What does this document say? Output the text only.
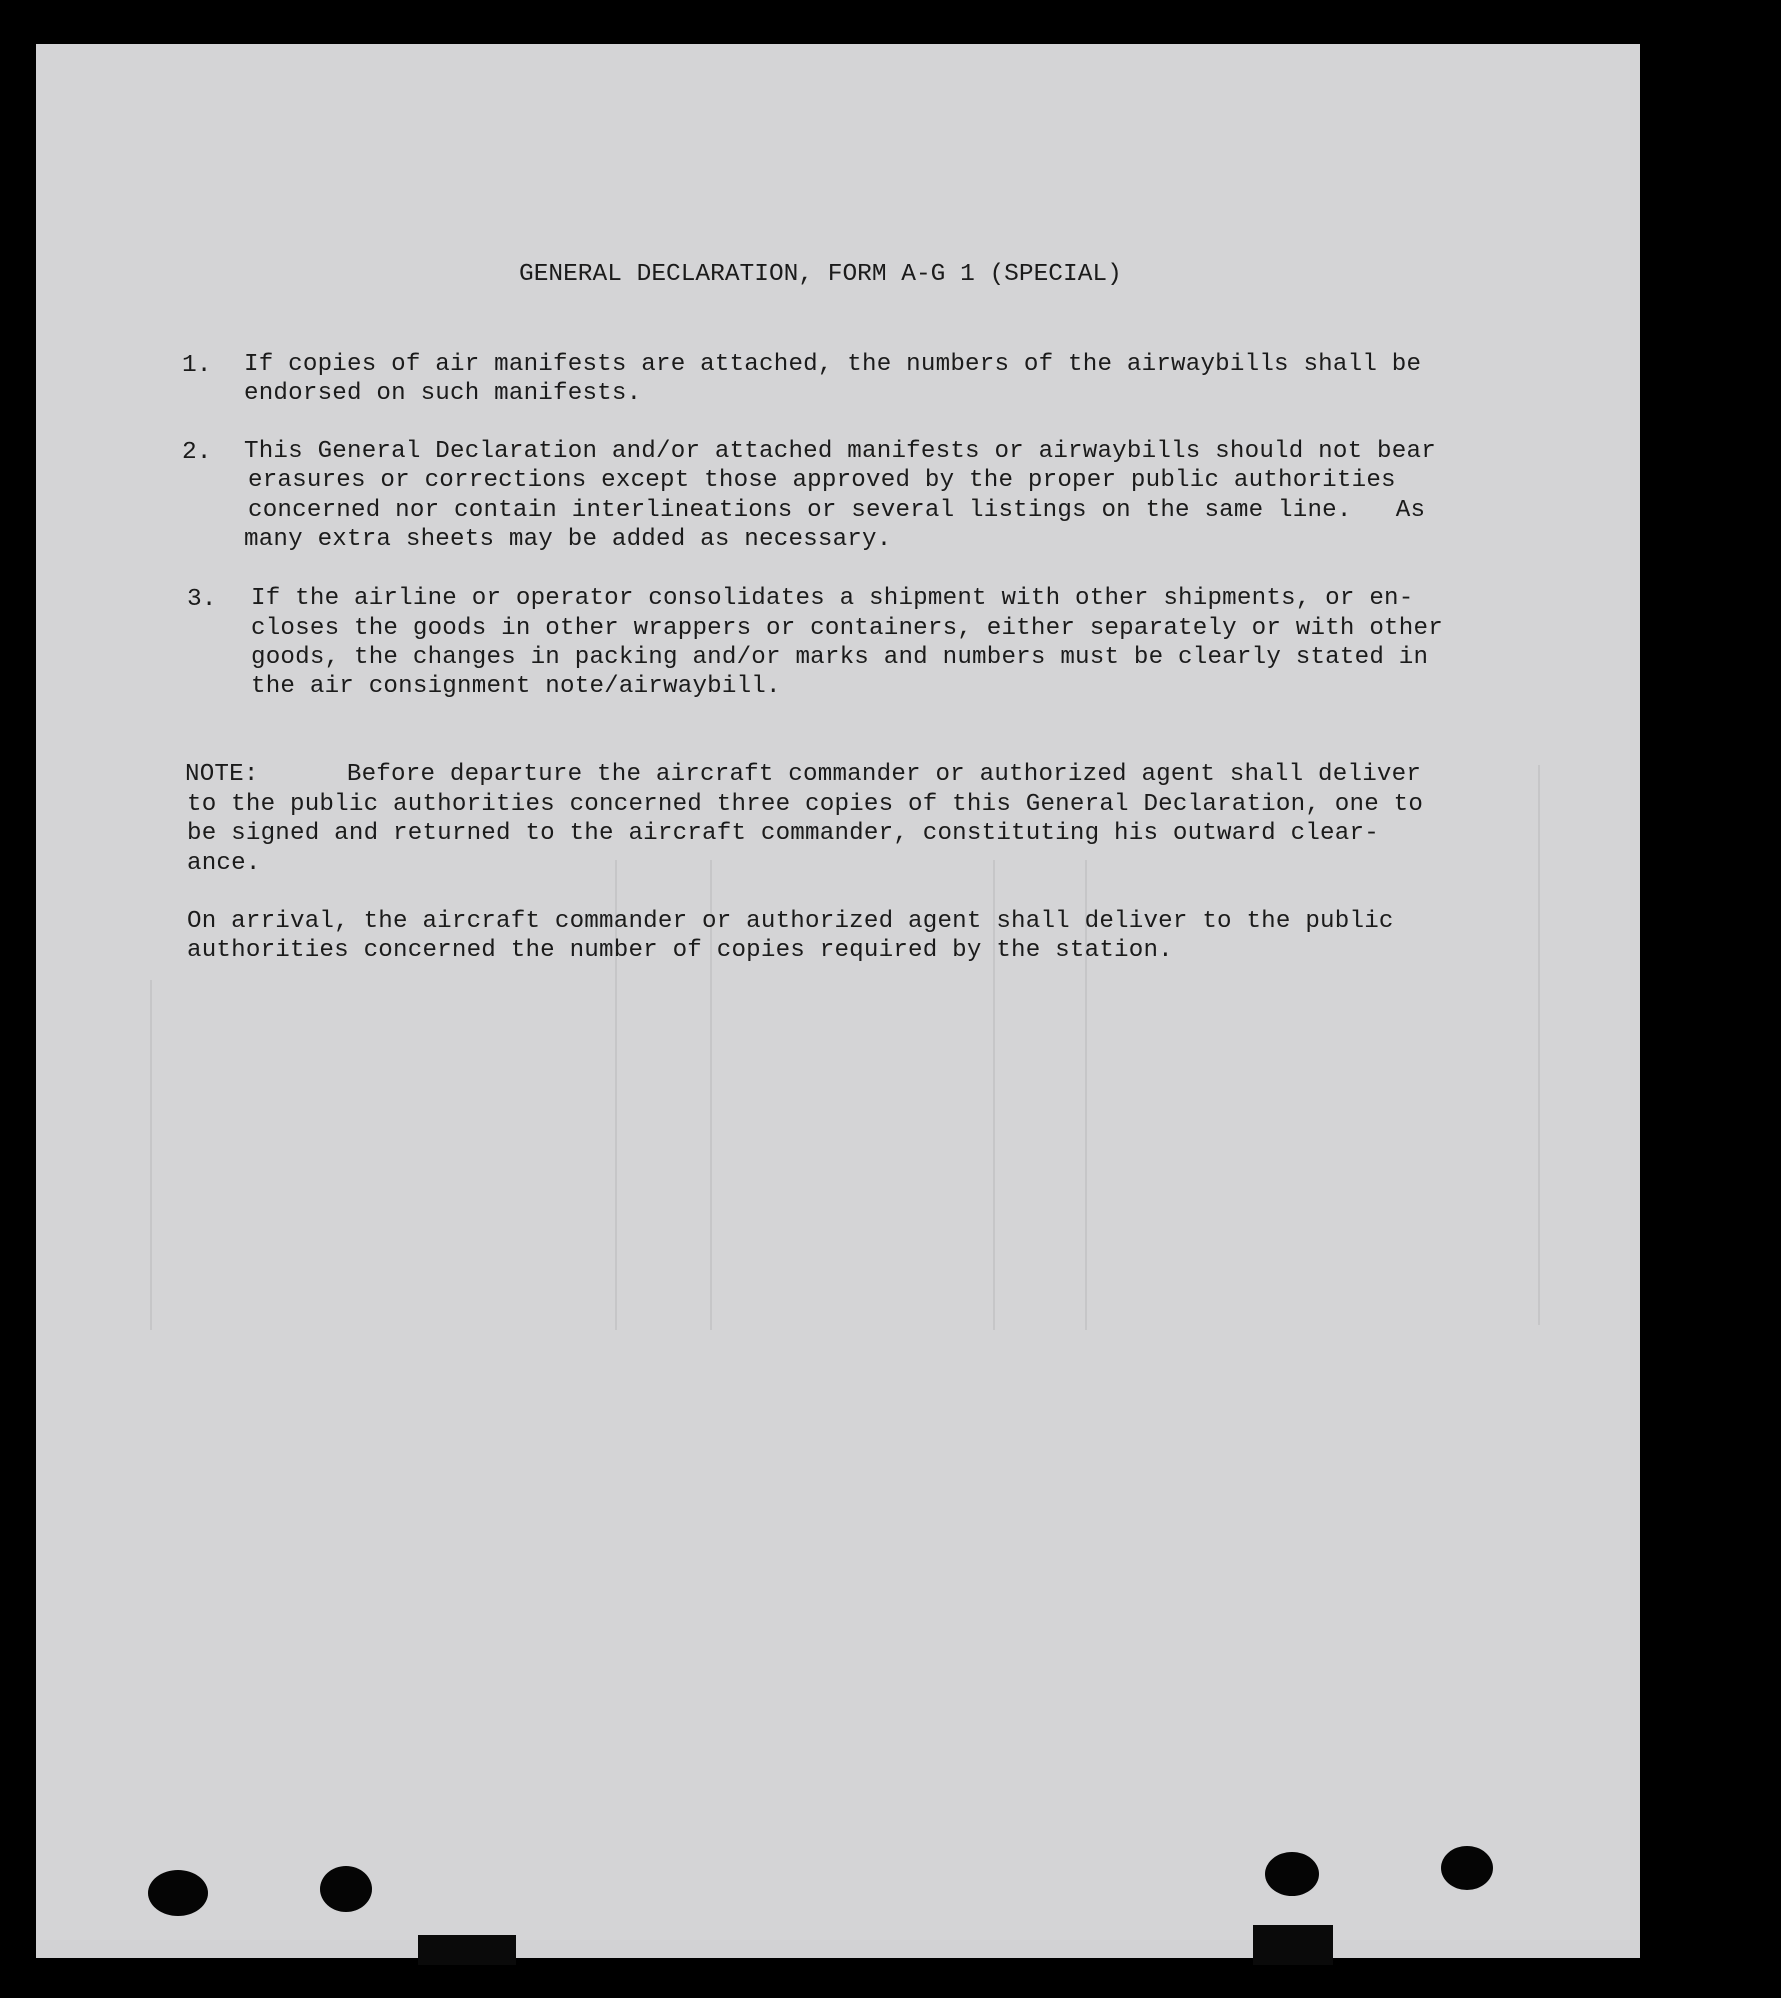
GENERAL DECLARATION, FORM A-G 1 (SPECIAL)
1. If copies of air manifests are attached, the numbers of the airwaybills shall be
endorsed on such manifests.
2. This General Declaration and/or attached manifests or airwaybills should not bear
erasures or corrections except those approved by the proper public authorities
concerned nor contain interlineations or several listings on the same line.   As
many extra sheets may be added as necessary.
3. If the airline or operator consolidates a shipment with other shipments, or en-
closes the goods in other wrappers or containers, either separately or with other
goods, the changes in packing and/or marks and numbers must be clearly stated in
the air consignment note/airwaybill.
NOTE:      Before departure the aircraft commander or authorized agent shall deliver
to the public authorities concerned three copies of this General Declaration, one to
be signed and returned to the aircraft commander, constituting his outward clear-
ance.
On arrival, the aircraft commander or authorized agent shall deliver to the public
authorities concerned the number of copies required by the station.
